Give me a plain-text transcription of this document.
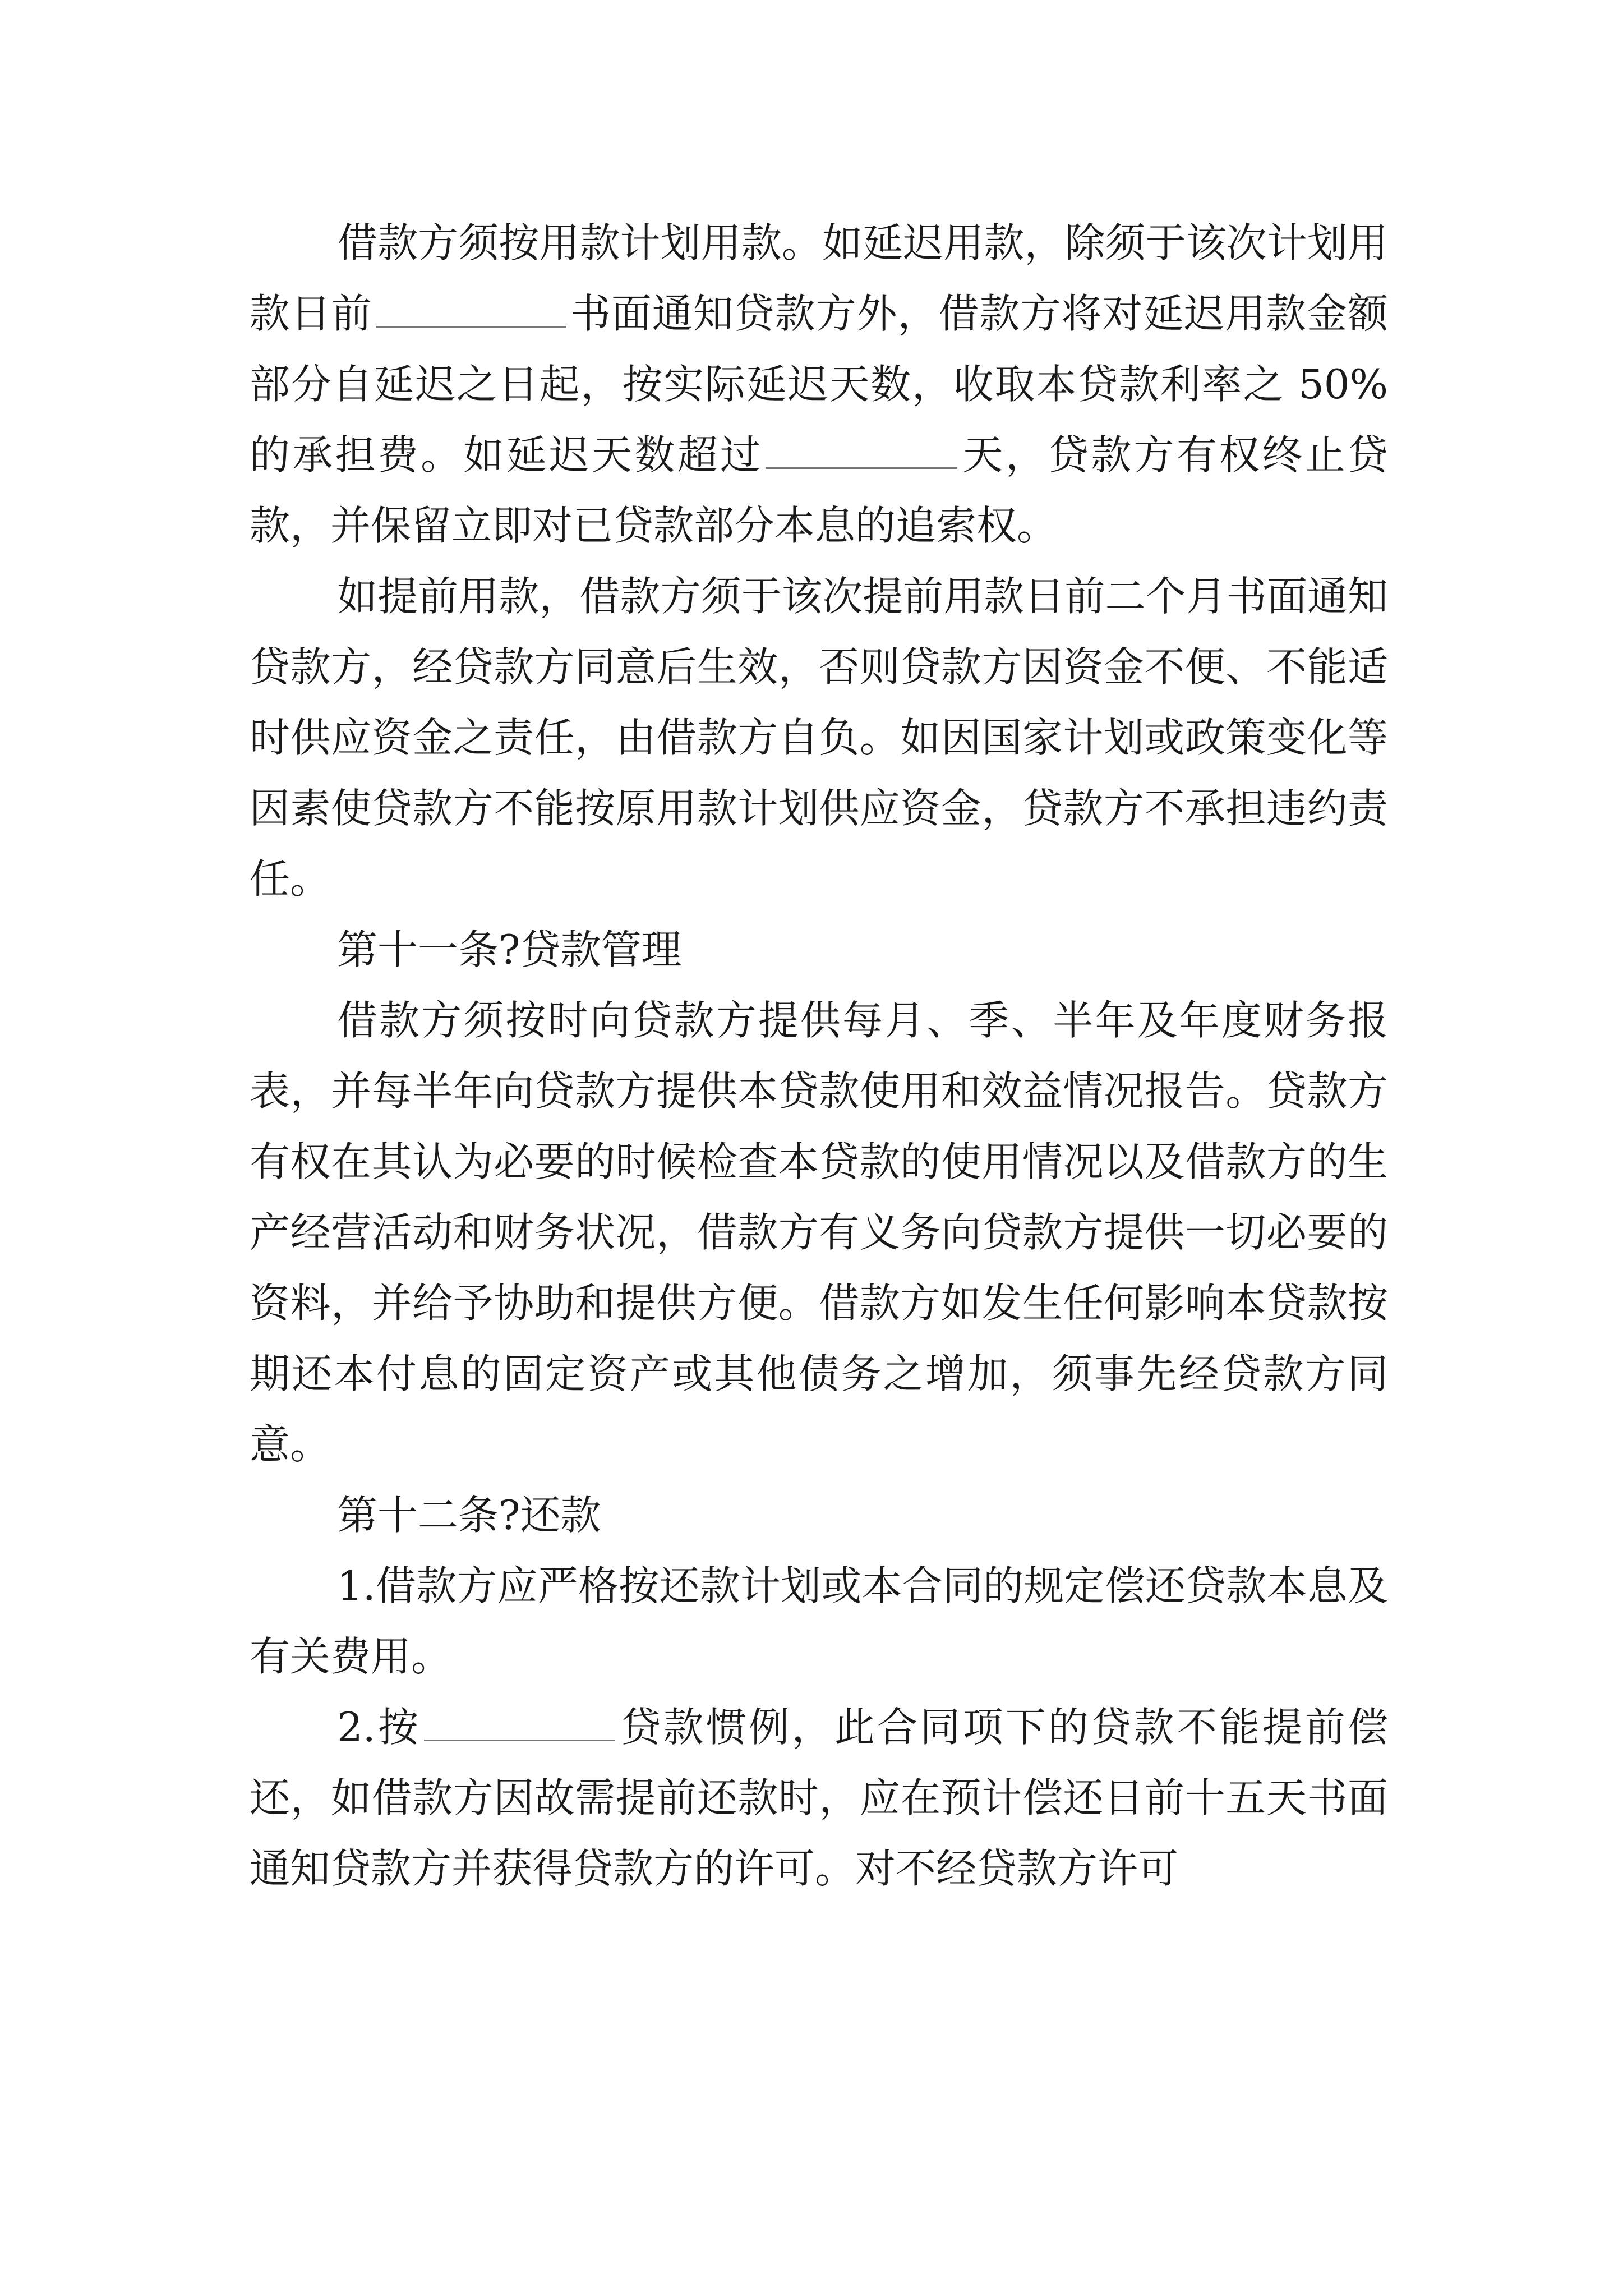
借款方须按用款计划用款。如延迟用款，除须于该次计划用款日前	书面通知贷款方外，借款方将对延迟用款金额部分自延迟之日起，按实际延迟天数，收取本贷款利率之 50%的承担费。如延迟天数超过	天，贷款方有权终止贷款，并保留立即对已贷款部分本息的追索权。

如提前用款，借款方须于该次提前用款日前二个月书面通知贷款方，经贷款方同意后生效，否则贷款方因资金不便、不能适时供应资金之责任，由借款方自负。如因国家计划或政策变化等因素使贷款方不能按原用款计划供应资金，贷款方不承担违约责任。

第十一条?贷款管理

借款方须按时向贷款方提供每月、季、半年及年度财务报表，并每半年向贷款方提供本贷款使用和效益情况报告。贷款方有权在其认为必要的时候检查本贷款的使用情况以及借款方的生产经营活动和财务状况，借款方有义务向贷款方提供一切必要的资料，并给予协助和提供方便。借款方如发生任何影响本贷款按期还本付息的固定资产或其他债务之增加，须事先经贷款方同意。

第十二条?还款

1.借款方应严格按还款计划或本合同的规定偿还贷款本息及有关费用。

2.按	贷款惯例，此合同项下的贷款不能提前偿还，如借款方因故需提前还款时，应在预计偿还日前十五天书面通知贷款方并获得贷款方的许可。对不经贷款方许可
